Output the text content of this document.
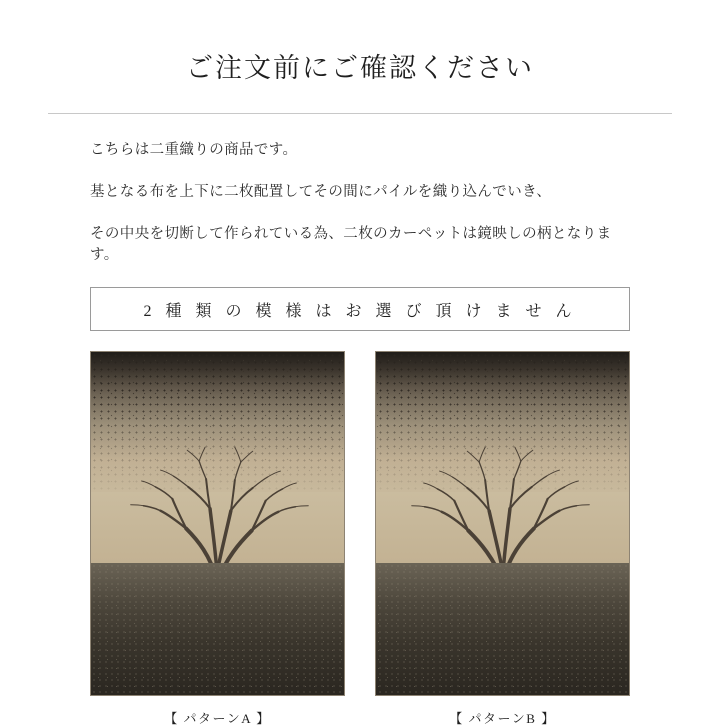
ご注文前にご確認ください

こちらは二重織りの商品です。

基となる布を上下に二枚配置してその間にパイルを織り込んでいき、

その中央を切断して作られている為、二枚のカーペットは鏡映しの柄となります。

2 種 類 の 模 様 は お 選 び 頂 け ま せ ん
【 パターンA 】	【 パターンB 】
